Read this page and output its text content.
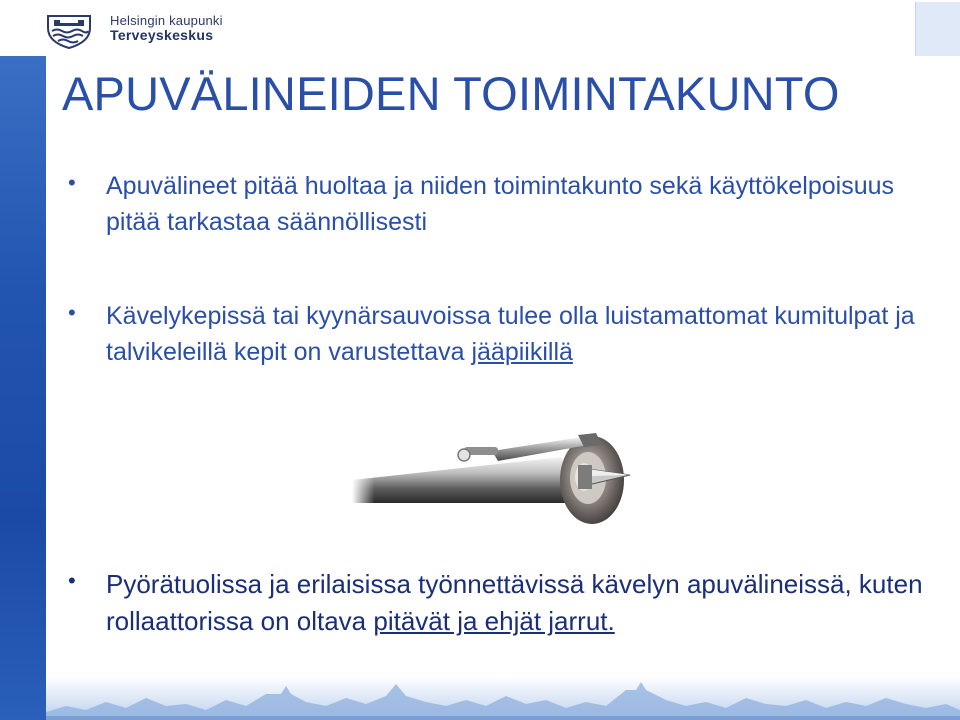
Helsingin kaupunki
Terveyskeskus
APUVÄLINEIDEN TOIMINTAKUNTO
• Apuvälineet pitää huoltaa ja niiden toimintakunto sekä käyttökelpoisuus pitää tarkastaa säännöllisesti
• Kävelykepissä tai kyynärsauvoissa tulee olla luistamattomat kumitulpat ja talvikeleillä kepit on varustettava jääpiikillä
• Pyörätuolissa ja erilaisissa työnnettävissä kävelyn apuvälineissä, kuten rollaattorissa on oltava pitävät ja ehjät jarrut.
